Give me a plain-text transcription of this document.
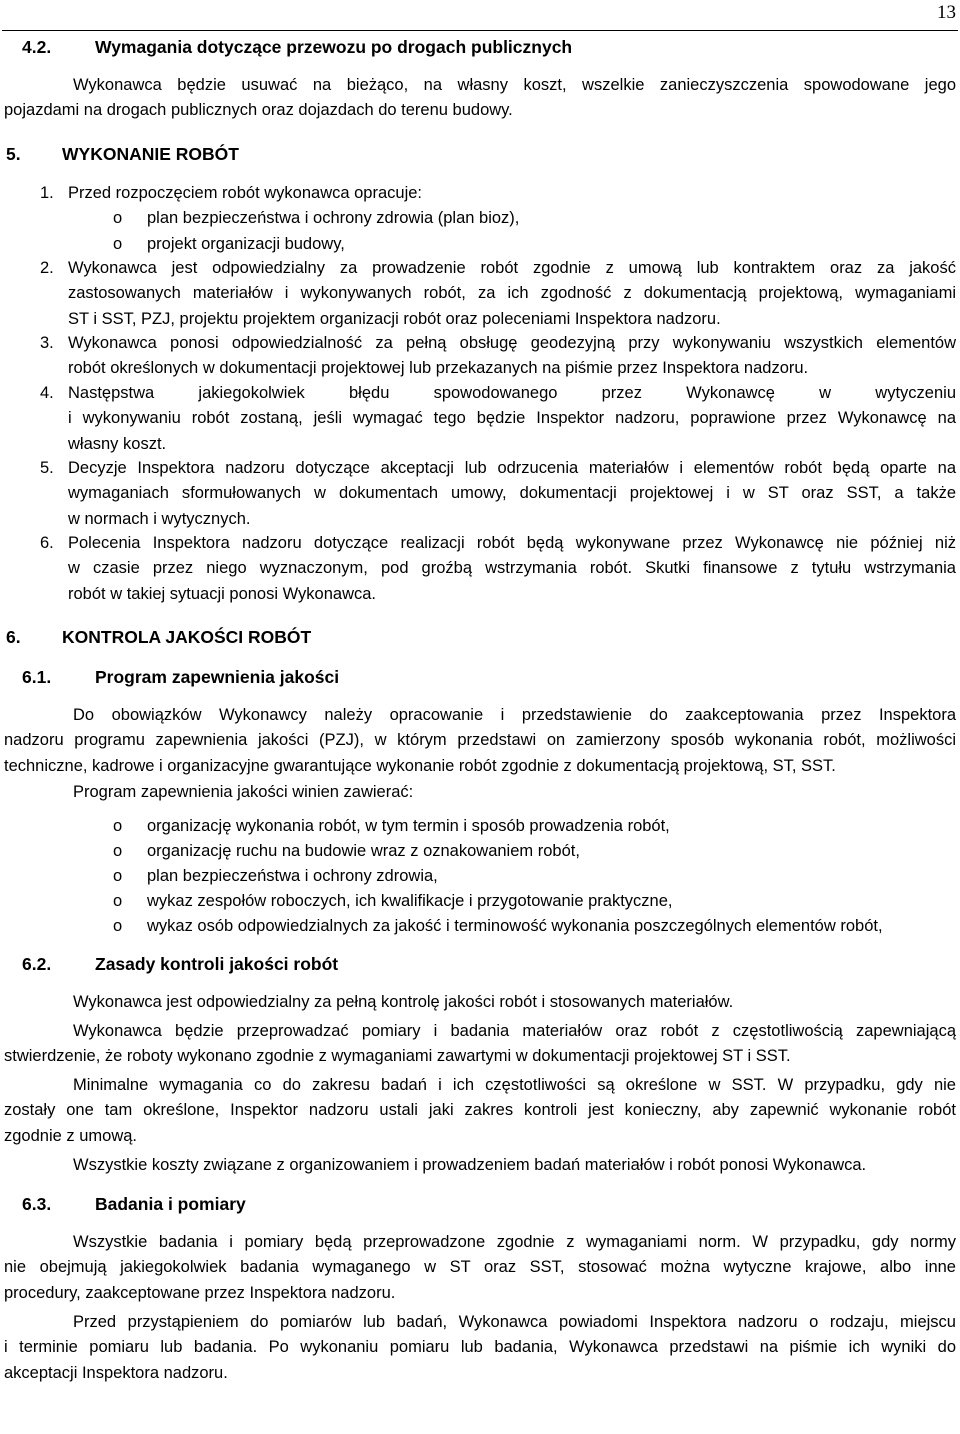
13
4.2.	Wymagania dotyczące przewozu po drogach publicznych
Wykonawca będzie usuwać na bieżąco, na własny koszt, wszelkie zanieczyszczenia spowodowane jego
pojazdami na drogach publicznych oraz dojazdach do terenu budowy.
5. WYKONANIE ROBÓT
1. Przed rozpoczęciem robót wykonawca opracuje:
o plan bezpieczeństwa i ochrony zdrowia (plan bioz),
o projekt organizacji budowy,
2. Wykonawca jest odpowiedzialny za prowadzenie robót zgodnie z umową lub kontraktem oraz za jakość
zastosowanych materiałów i wykonywanych robót, za ich zgodność z dokumentacją projektową, wymaganiami
ST i SST, PZJ, projektu projektem organizacji robót oraz poleceniami Inspektora nadzoru.
3. Wykonawca ponosi odpowiedzialność za pełną obsługę geodezyjną przy wykonywaniu wszystkich elementów
robót określonych w dokumentacji projektowej lub przekazanych na piśmie przez Inspektora nadzoru.
4. Następstwa jakiegokolwiek błędu spowodowanego przez Wykonawcę w wytyczeniu
i wykonywaniu robót zostaną, jeśli wymagać tego będzie Inspektor nadzoru, poprawione przez Wykonawcę na
własny koszt.
5. Decyzje Inspektora nadzoru dotyczące akceptacji lub odrzucenia materiałów i elementów robót będą oparte na
wymaganiach sformułowanych w dokumentach umowy, dokumentacji projektowej i w ST oraz SST, a także
w normach i wytycznych.
6. Polecenia Inspektora nadzoru dotyczące realizacji robót będą wykonywane przez Wykonawcę nie później niż
w czasie przez niego wyznaczonym, pod groźbą wstrzymania robót. Skutki finansowe z tytułu wstrzymania
robót w takiej sytuacji ponosi Wykonawca.
6. KONTROLA JAKOŚCI ROBÓT
6.1.	Program zapewnienia jakości
Do obowiązków Wykonawcy należy opracowanie i przedstawienie do zaakceptowania przez Inspektora
nadzoru programu zapewnienia jakości (PZJ), w którym przedstawi on zamierzony sposób wykonania robót, możliwości
techniczne, kadrowe i organizacyjne gwarantujące wykonanie robót zgodnie z dokumentacją projektową, ST, SST.
Program zapewnienia jakości winien zawierać:
o organizację wykonania robót, w tym termin i sposób prowadzenia robót,
o organizację ruchu na budowie wraz z oznakowaniem robót,
o plan bezpieczeństwa i ochrony zdrowia,
o wykaz zespołów roboczych, ich kwalifikacje i przygotowanie praktyczne,
o wykaz osób odpowiedzialnych za jakość i terminowość wykonania poszczególnych elementów robót,
6.2.	Zasady kontroli jakości robót
Wykonawca jest odpowiedzialny za pełną kontrolę jakości robót i stosowanych materiałów.
Wykonawca będzie przeprowadzać pomiary i badania materiałów oraz robót z częstotliwością zapewniającą
stwierdzenie, że roboty wykonano zgodnie z wymaganiami zawartymi w dokumentacji projektowej ST i SST.
Minimalne wymagania co do zakresu badań i ich częstotliwości są określone w SST. W przypadku, gdy nie
zostały one tam określone, Inspektor nadzoru ustali jaki zakres kontroli jest konieczny, aby zapewnić wykonanie robót
zgodnie z umową.
Wszystkie koszty związane z organizowaniem i prowadzeniem badań materiałów i robót ponosi Wykonawca.
6.3.	Badania i pomiary
Wszystkie badania i pomiary będą przeprowadzone zgodnie z wymaganiami norm. W przypadku, gdy normy
nie obejmują jakiegokolwiek badania wymaganego w ST oraz SST, stosować można wytyczne krajowe, albo inne
procedury, zaakceptowane przez Inspektora nadzoru.
Przed przystąpieniem do pomiarów lub badań, Wykonawca powiadomi Inspektora nadzoru o rodzaju, miejscu
i terminie pomiaru lub badania. Po wykonaniu pomiaru lub badania, Wykonawca przedstawi na piśmie ich wyniki do
akceptacji Inspektora nadzoru.
